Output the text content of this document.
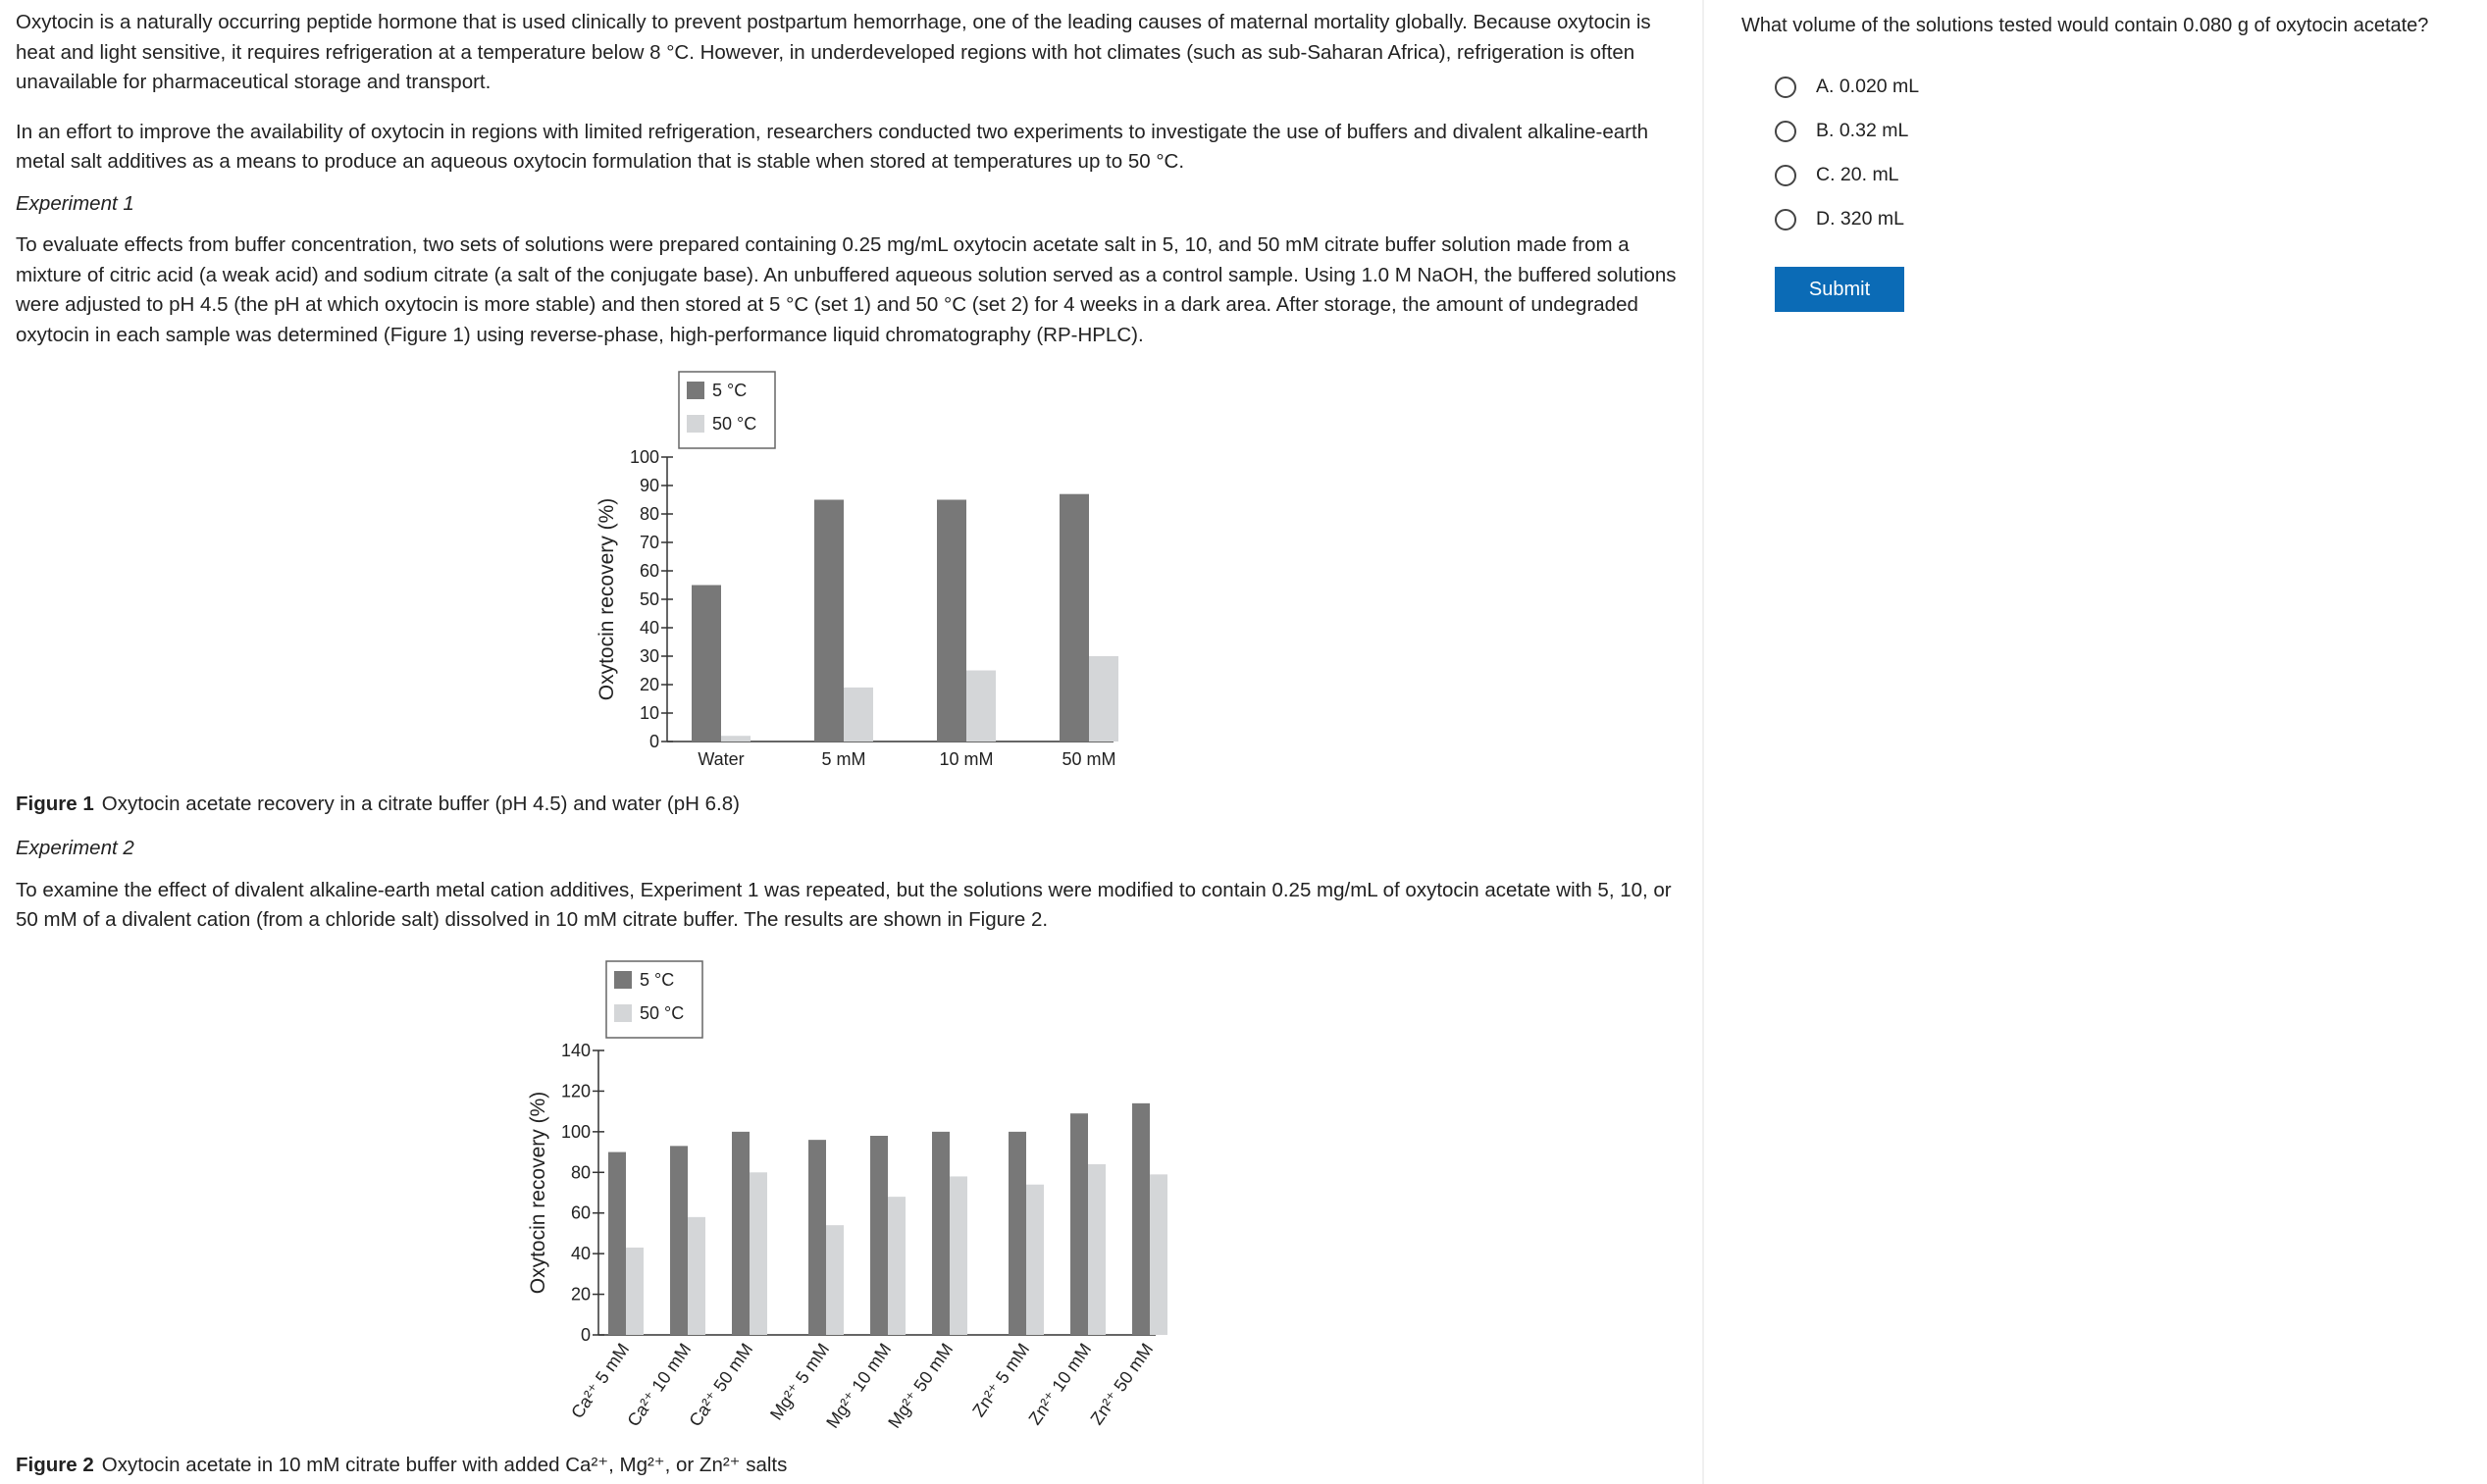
Oxytocin is a naturally occurring peptide hormone that is used clinically to prevent postpartum hemorrhage, one of the leading causes of maternal mortality globally. Because oxytocin is heat and light sensitive, it requires refrigeration at a temperature below 8 °C. However, in underdeveloped regions with hot climates (such as sub-Saharan Africa), refrigeration is often unavailable for pharmaceutical storage and transport.

In an effort to improve the availability of oxytocin in regions with limited refrigeration, researchers conducted two experiments to investigate the use of buffers and divalent alkaline-earth metal salt additives as a means to produce an aqueous oxytocin formulation that is stable when stored at temperatures up to 50 °C.

Experiment 1

To evaluate effects from buffer concentration, two sets of solutions were prepared containing 0.25 mg/mL oxytocin acetate salt in 5, 10, and 50 mM citrate buffer solution made from a mixture of citric acid (a weak acid) and sodium citrate (a salt of the conjugate base). An unbuffered aqueous solution served as a control sample. Using 1.0 M NaOH, the buffered solutions were adjusted to pH 4.5 (the pH at which oxytocin is more stable) and then stored at 5 °C (set 1) and 50 °C (set 2) for 4 weeks in a dark area. After storage, the amount of undegraded oxytocin in each sample was determined (Figure 1) using reverse-phase, high-performance liquid chromatography (RP-HPLC).

5 °C
50 °C
0
10
20
30
40
50
60
70
80
90
100
Oxytocin recovery (%)
Water	5 mM	10 mM	50 mM
Figure 1 Oxytocin acetate recovery in a citrate buffer (pH 4.5) and water (pH 6.8)

Experiment 2

To examine the effect of divalent alkaline-earth metal cation additives, Experiment 1 was repeated, but the solutions were modified to contain 0.25 mg/mL of oxytocin acetate with 5, 10, or 50 mM of a divalent cation (from a chloride salt) dissolved in 10 mM citrate buffer. The results are shown in Figure 2.

5 °C
50 °C
0
20
40
60
80
100
120
140
Oxytocin recovery (%)
Ca²⁺ 5 mM
Ca²⁺ 10 mM
Ca²⁺ 50 mM Mg²⁺ 5 mM
Mg²⁺ 10 mM
Mg²⁺ 50 mM Zn²⁺ 5 mM
Zn²⁺ 10 mM
Zn²⁺ 50 mM
Figure 2 Oxytocin acetate in 10 mM citrate buffer with added Ca²⁺, Mg²⁺, or Zn²⁺ salts

What volume of the solutions tested would contain 0.080 g of oxytocin acetate?

A. 0.020 mL
B. 0.32 mL
C. 20. mL
D. 320 mL
Submit
